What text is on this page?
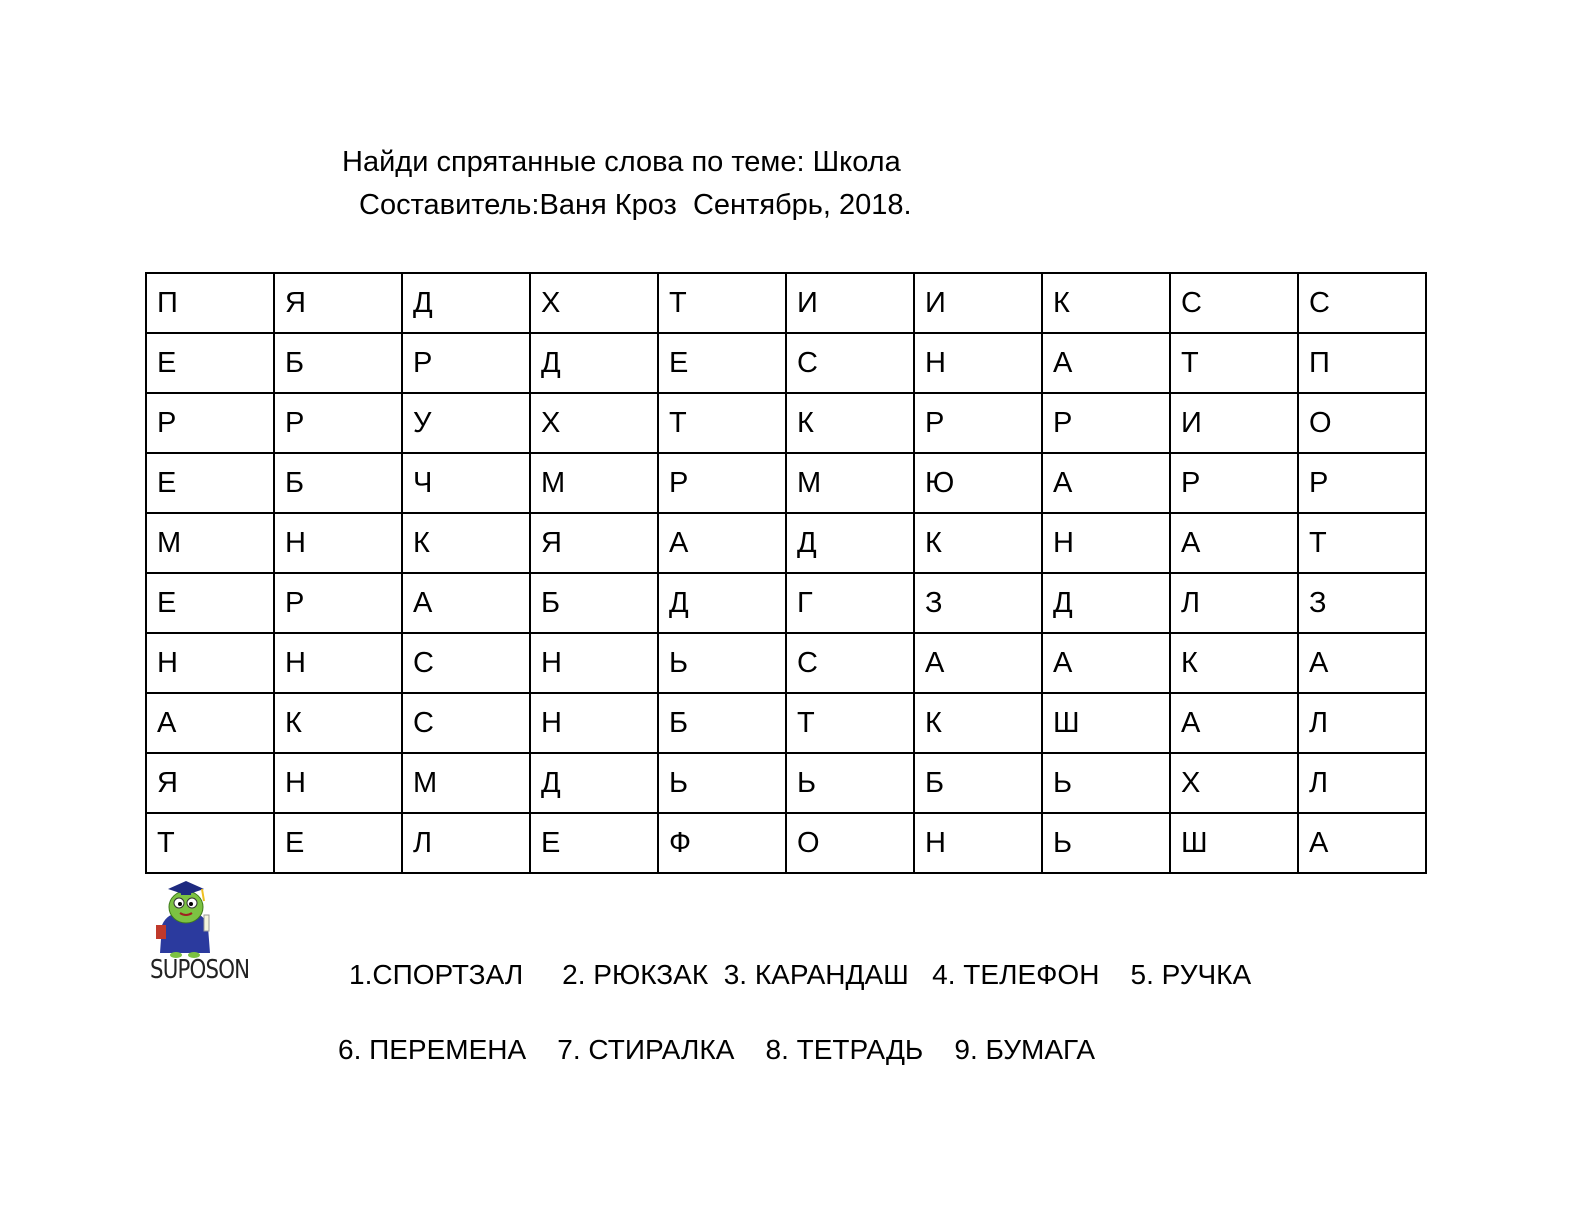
Найди спрятанные слова по теме: Школа

Составитель:Ваня Кроз  Сентябрь, 2018.

П	Я	Д	Х	Т	И	И	К	С	С
Е	Б	Р	Д	Е	С	Н	А	Т	П
Р	Р	У	Х	Т	К	Р	Р	И	О
Е	Б	Ч	М	Р	М	Ю	А	Р	Р
М	Н	К	Я	А	Д	К	Н	А	Т
Е	Р	А	Б	Д	Г	З	Д	Л	З
Н	Н	С	Н	Ь	С	А	А	К	А
А	К	С	Н	Б	Т	К	Ш	А	Л
Я	Н	М	Д	Ь	Ь	Б	Ь	Х	Л
Т	Е	Л	Е	Ф	О	Н	Ь	Ш	А
SUPOSON	1.СПОРТЗАЛ     2. РЮКЗАК  3. КАРАНДАШ   4. ТЕЛЕФОН    5. РУЧКА
6. ПЕРЕМЕНА    7. СТИРАЛКА    8. ТЕТРАДЬ    9. БУМАГА
